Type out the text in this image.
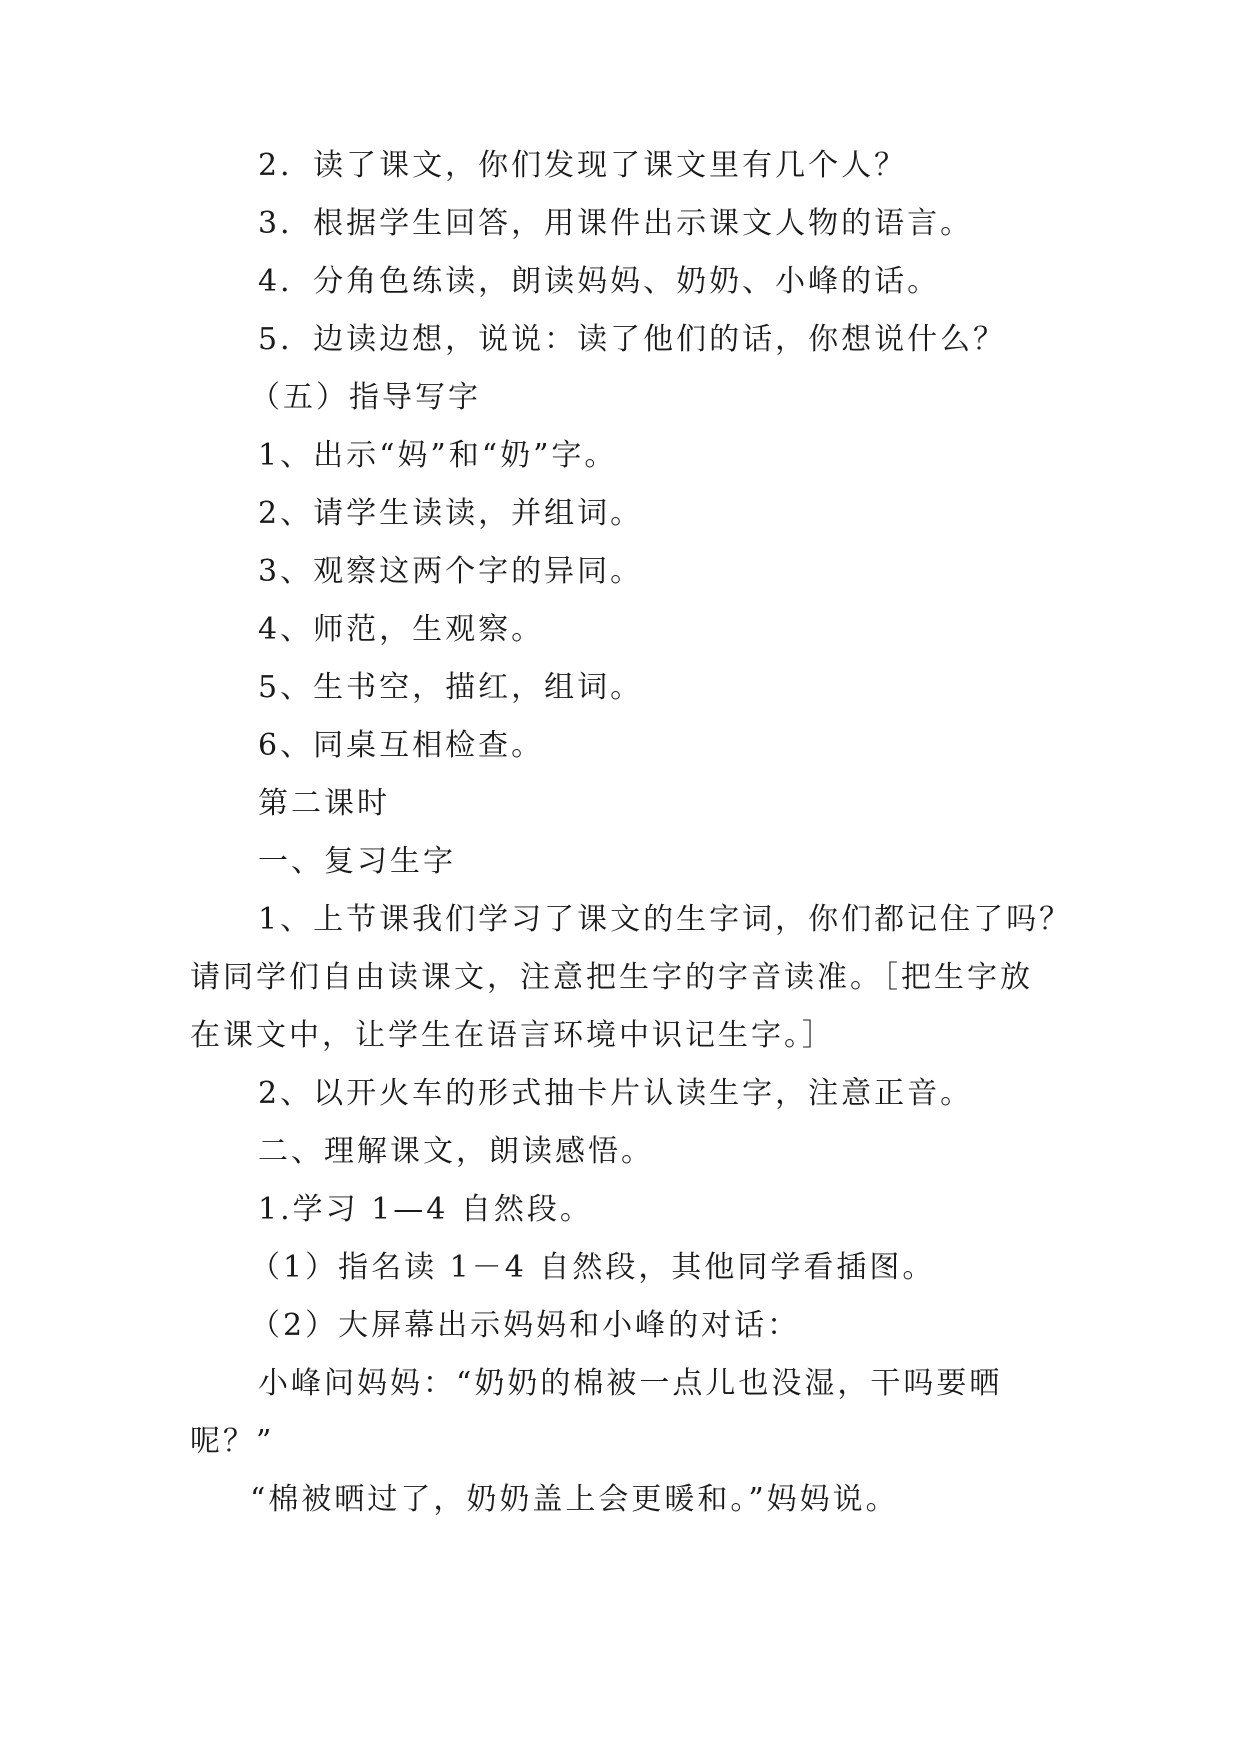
2．读了课文，你们发现了课文里有几个人？
3．根据学生回答，用课件出示课文人物的语言。
4．分角色练读，朗读妈妈、奶奶、小峰的话。
5．边读边想，说说：读了他们的话，你想说什么？
（五）指导写字
1、出示“妈”和“奶”字。
2、请学生读读，并组词。
3、观察这两个字的异同。
4、师范，生观察。
5、生书空，描红，组词。
6、同桌互相检查。
第二课时
一、复习生字
1、上节课我们学习了课文的生字词，你们都记住了吗？
请同学们自由读课文，注意把生字的字音读准。［把生字放
在课文中，让学生在语言环境中识记生字。］
2、以开火车的形式抽卡片认读生字，注意正音。
二、理解课文，朗读感悟。
1.学习 1—4 自然段。
（1）指名读 1－4 自然段，其他同学看插图。
（2）大屏幕出示妈妈和小峰的对话：
小峰问妈妈：“奶奶的棉被一点儿也没湿，干吗要晒
呢？”
“棉被晒过了，奶奶盖上会更暖和。”妈妈说。
